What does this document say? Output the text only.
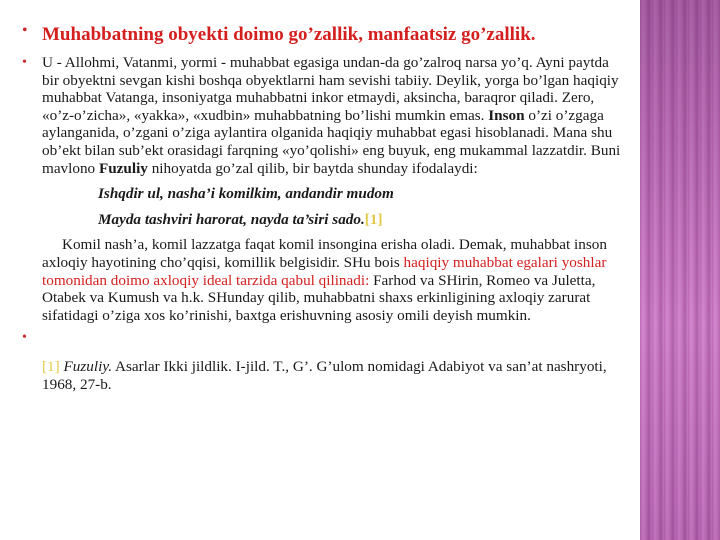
• Muhabbatning obyekti doimo go’zallik, manfaatsiz go’zallik.
• U - Allohmi, Vatanmi, yormi - muhabbat egasiga undan-da go’zalroq narsa yo’q. Ayni paytda bir obyektni sevgan kishi boshqa obyektlarni ham sevishi tabiiy. Deylik, yorga bo’lgan haqiqiy muhabbat Vatanga, insoniyatga muhabbatni inkor etmaydi, aksincha, baraqror qiladi. Zero, «o’z-o’zicha», «yakka», «xudbin» muhabbatning bo’lishi mumkin emas. Inson o’zi o’zgaga aylanganida, o’zgani o’ziga aylantira olganida haqiqiy muhabbat egasi hisoblanadi. Mana shu ob’ekt bilan sub’ekt orasidagi farqning «yo’qolishi» eng buyuk, eng mukammal lazzatdir. Buni mavlono Fuzuliy nihoyatda go’zal qilib, bir baytda shunday ifodalaydi:
Ishqdir ul, nasha’i komilkim, andandir mudom
Mayda tashviri harorat, nayda ta’siri sado.[1]
Komil nash’a, komil lazzatga faqat komil insongina erisha oladi. Demak, muhabbat inson axloqiy hayotining cho’qqisi, komillik belgisidir. SHu bois haqiqiy muhabbat egalari yoshlar tomonidan doimo axloqiy ideal tarzida qabul qilinadi: Farhod va SHirin, Romeo va Juletta, Otabek va Kumush va h.k. SHunday qilib, muhabbatni shaxs erkinligining axloqiy zarurat sifatidagi o’ziga xos ko’rinishi, baxtga erishuvning asosiy omili deyish mumkin.
•
[1] Fuzuliy. Asarlar Ikki jildlik. I-jild. T., G’. G’ulom nomidagi Adabiyot va san’at nashryoti, 1968, 27-b.
